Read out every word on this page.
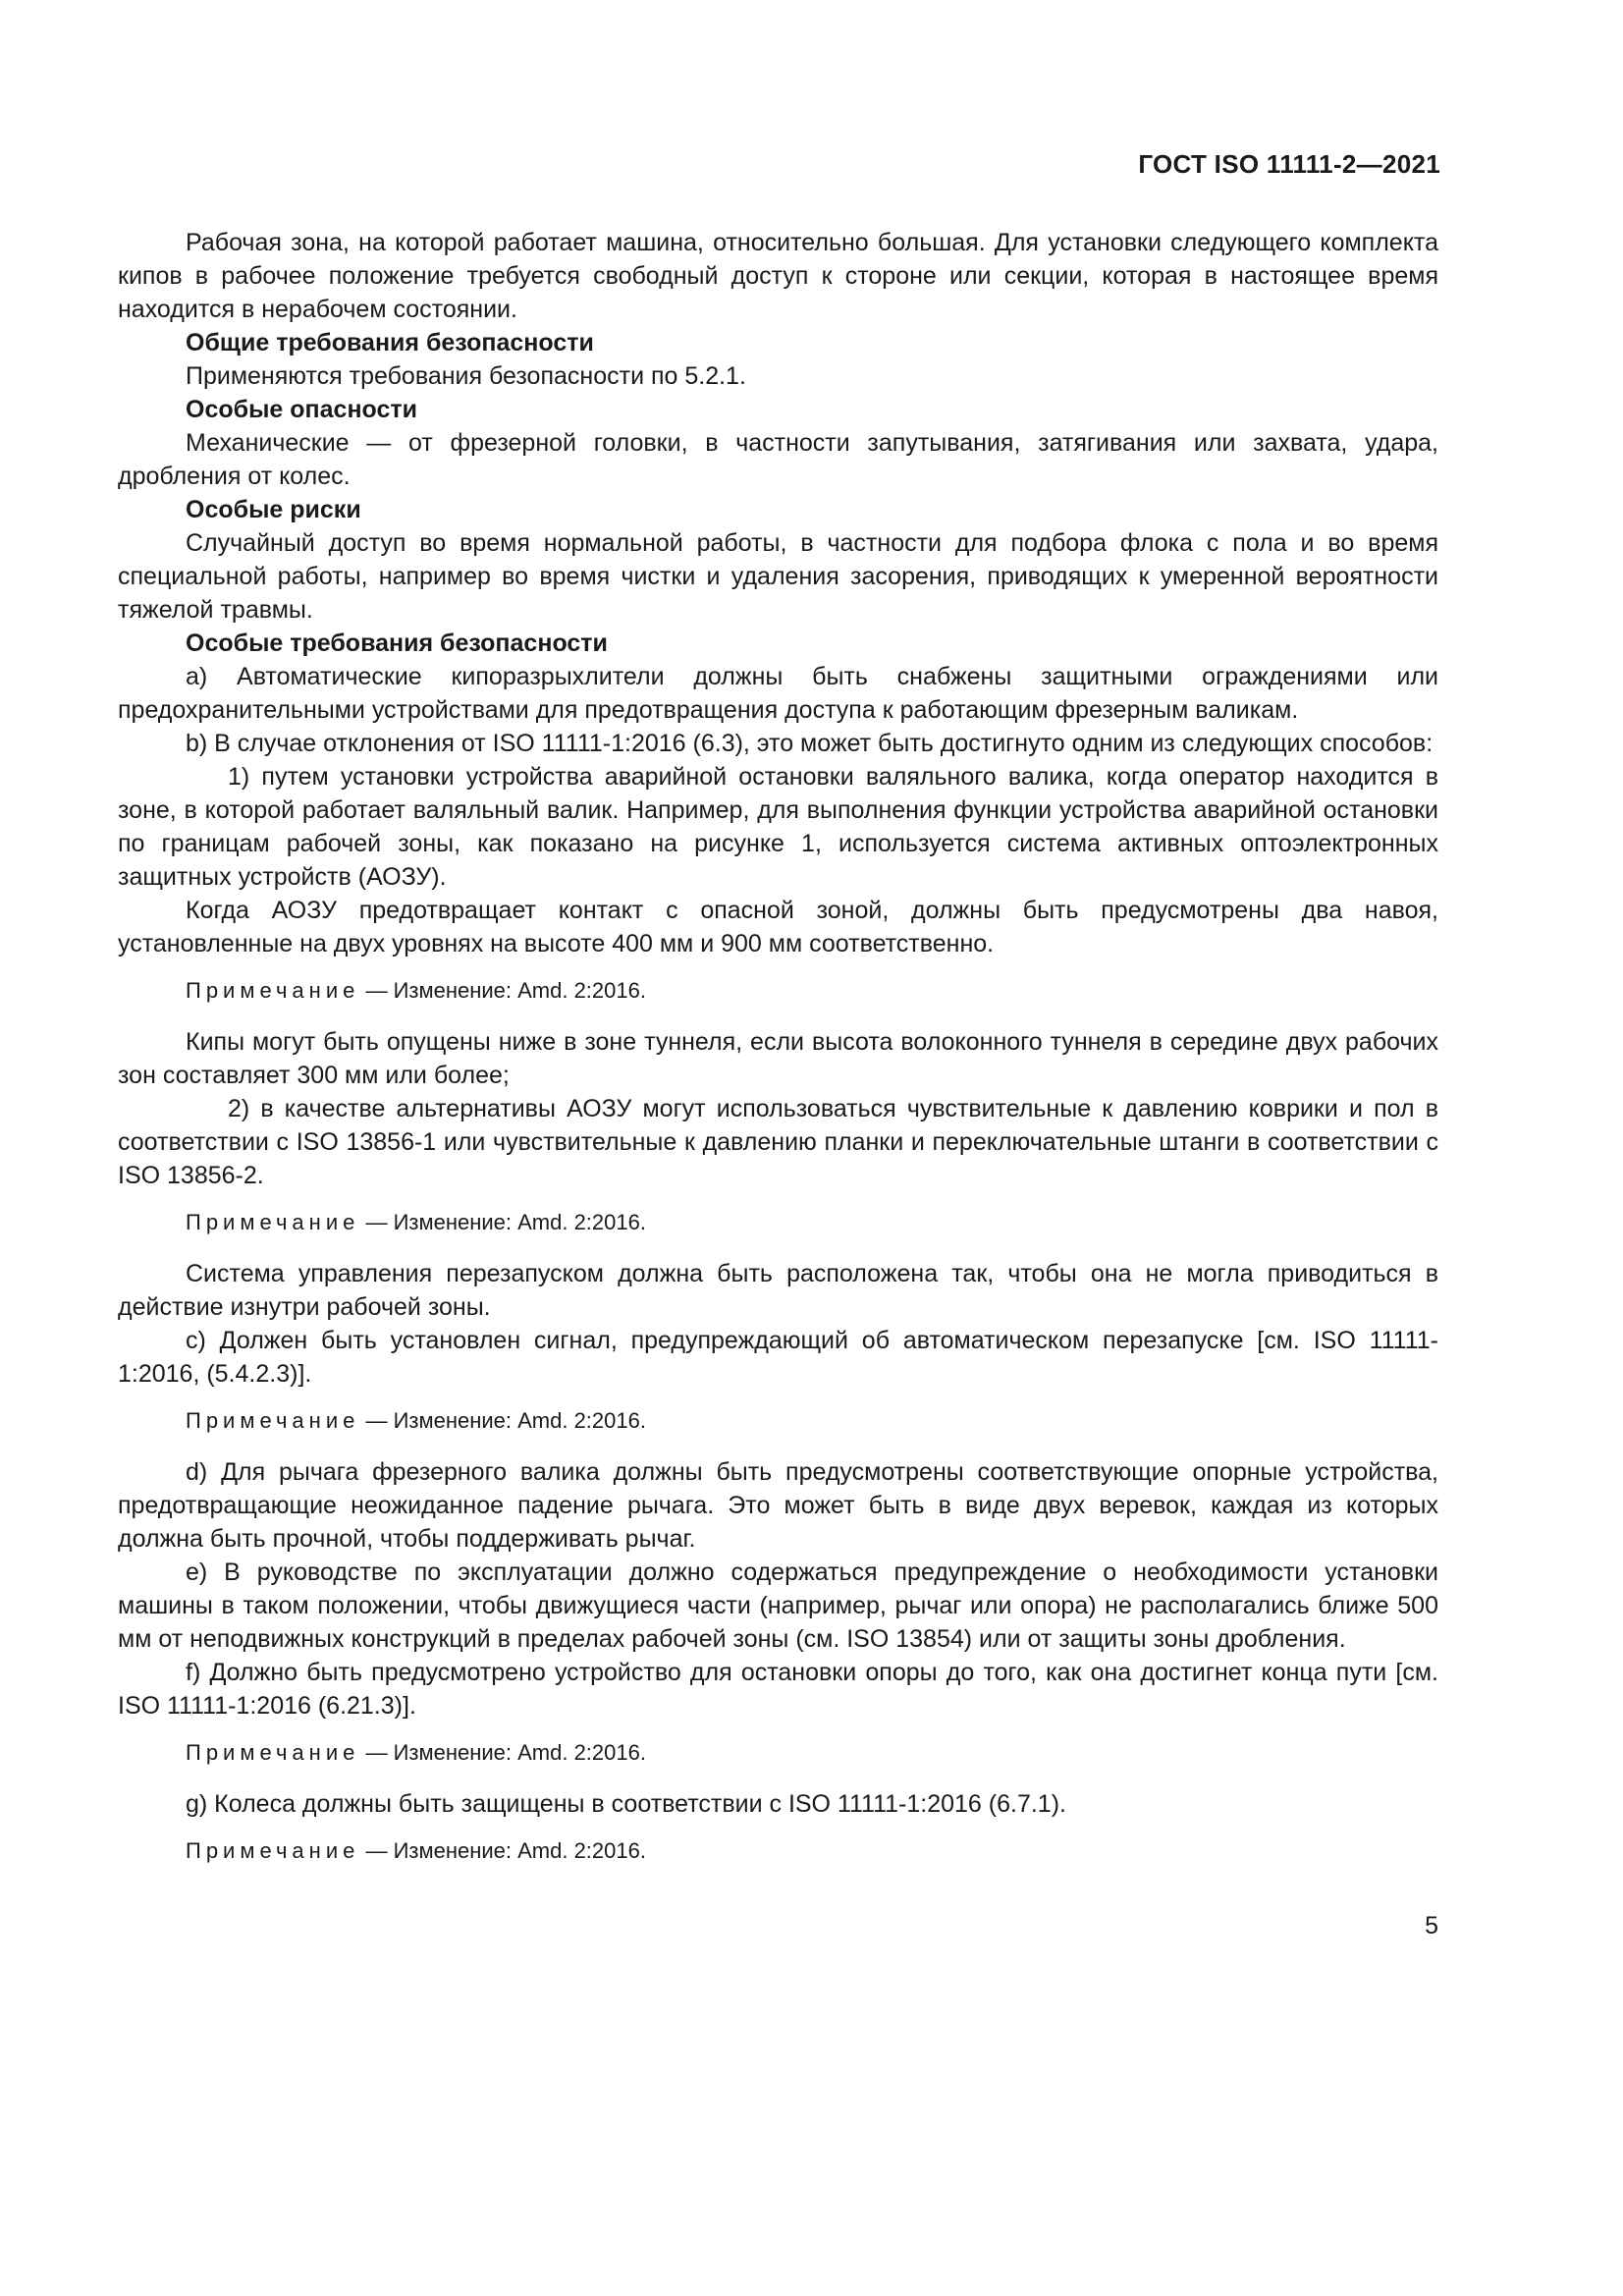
ГОСТ ISO 11111-2—2021

Рабочая зона, на которой работает машина, относительно большая. Для установки следующего комплекта кипов в рабочее положение требуется свободный доступ к стороне или секции, которая в настоящее время находится в нерабочем состоянии.

Общие требования безопасности

Применяются требования безопасности по 5.2.1.

Особые опасности

Механические — от фрезерной головки, в частности запутывания, затягивания или захвата, удара, дробления от колес.

Особые риски

Случайный доступ во время нормальной работы, в частности для подбора флока с пола и во время специальной работы, например во время чистки и удаления засорения, приводящих к умеренной вероятности тяжелой травмы.

Особые требования безопасности

a) Автоматические кипоразрыхлители должны быть снабжены защитными ограждениями или предохранительными устройствами для предотвращения доступа к работающим фрезерным валикам.

b) В случае отклонения от ISO 11111-1:2016 (6.3), это может быть достигнуто одним из следующих способов:

1) путем установки устройства аварийной остановки валяльного валика, когда оператор находится в зоне, в которой работает валяльный валик. Например, для выполнения функции устройства аварийной остановки по границам рабочей зоны, как показано на рисунке 1, используется система активных оптоэлектронных защитных устройств (АОЗУ).

Когда АОЗУ предотвращает контакт с опасной зоной, должны быть предусмотрены два навоя, установленные на двух уровнях на высоте 400 мм и 900 мм соответственно.

Примечание — Изменение: Amd. 2:2016.

Кипы могут быть опущены ниже в зоне туннеля, если высота волоконного туннеля в середине двух рабочих зон составляет 300 мм или более;

2) в качестве альтернативы АОЗУ могут использоваться чувствительные к давлению коврики и пол в соответствии с ISO 13856-1 или чувствительные к давлению планки и переключательные штанги в соответствии с ISO 13856-2.

Примечание — Изменение: Amd. 2:2016.

Система управления перезапуском должна быть расположена так, чтобы она не могла приводиться в действие изнутри рабочей зоны.

c) Должен быть установлен сигнал, предупреждающий об автоматическом перезапуске [см. ISO 11111-1:2016, (5.4.2.3)].

Примечание — Изменение: Amd. 2:2016.

d) Для рычага фрезерного валика должны быть предусмотрены соответствующие опорные устройства, предотвращающие неожиданное падение рычага. Это может быть в виде двух веревок, каждая из которых должна быть прочной, чтобы поддерживать рычаг.

e) В руководстве по эксплуатации должно содержаться предупреждение о необходимости установки машины в таком положении, чтобы движущиеся части (например, рычаг или опора) не располагались ближе 500 мм от неподвижных конструкций в пределах рабочей зоны (см. ISO 13854) или от защиты зоны дробления.

f) Должно быть предусмотрено устройство для остановки опоры до того, как она достигнет конца пути [см. ISO 11111-1:2016 (6.21.3)].

Примечание — Изменение: Amd. 2:2016.

g) Колеса должны быть защищены в соответствии с ISO 11111-1:2016 (6.7.1).

Примечание — Изменение: Amd. 2:2016.

5
